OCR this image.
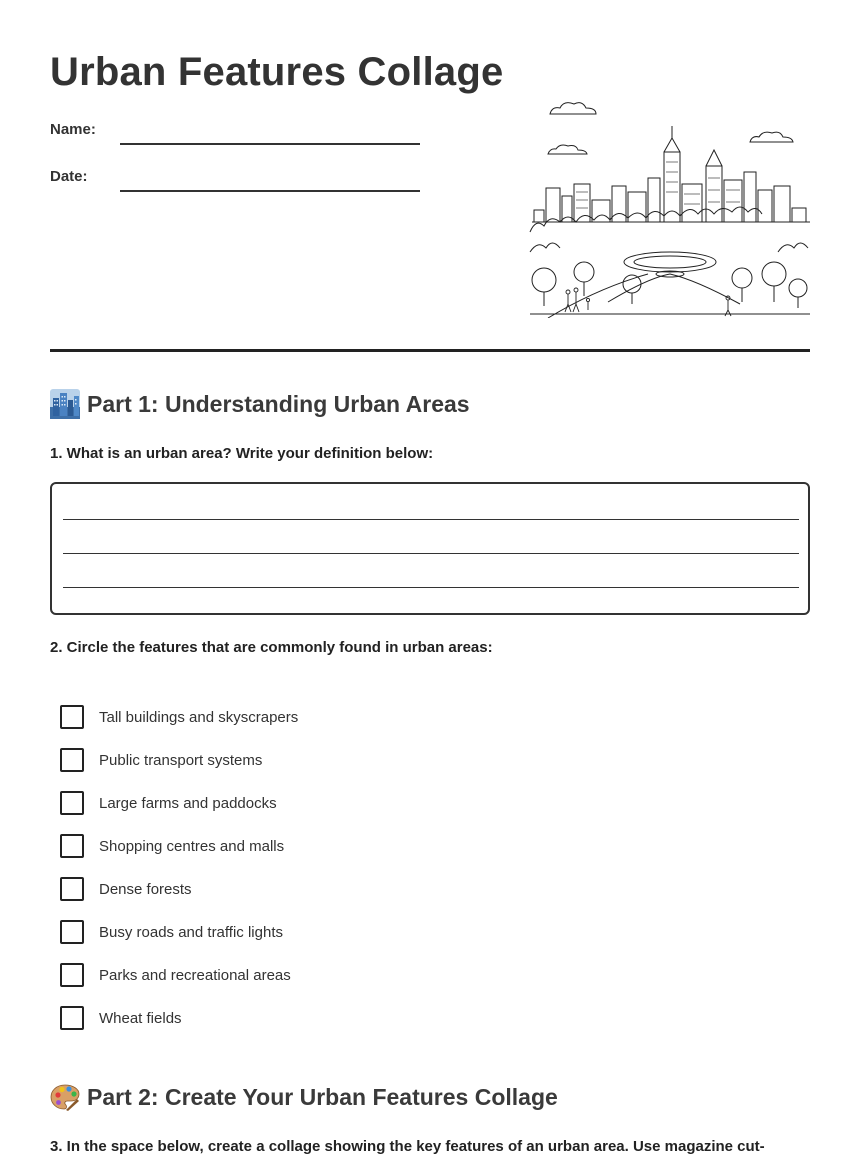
Urban Features Collage
Name:
Date:
Part 1: Understanding Urban Areas
1. What is an urban area? Write your definition below:
2. Circle the features that are commonly found in urban areas:
Tall buildings and skyscrapers
Public transport systems
Large farms and paddocks
Shopping centres and malls
Dense forests
Busy roads and traffic lights
Parks and recreational areas
Wheat fields
Part 2: Create Your Urban Features Collage
3. In the space below, create a collage showing the key features of an urban area. Use magazine cut-
